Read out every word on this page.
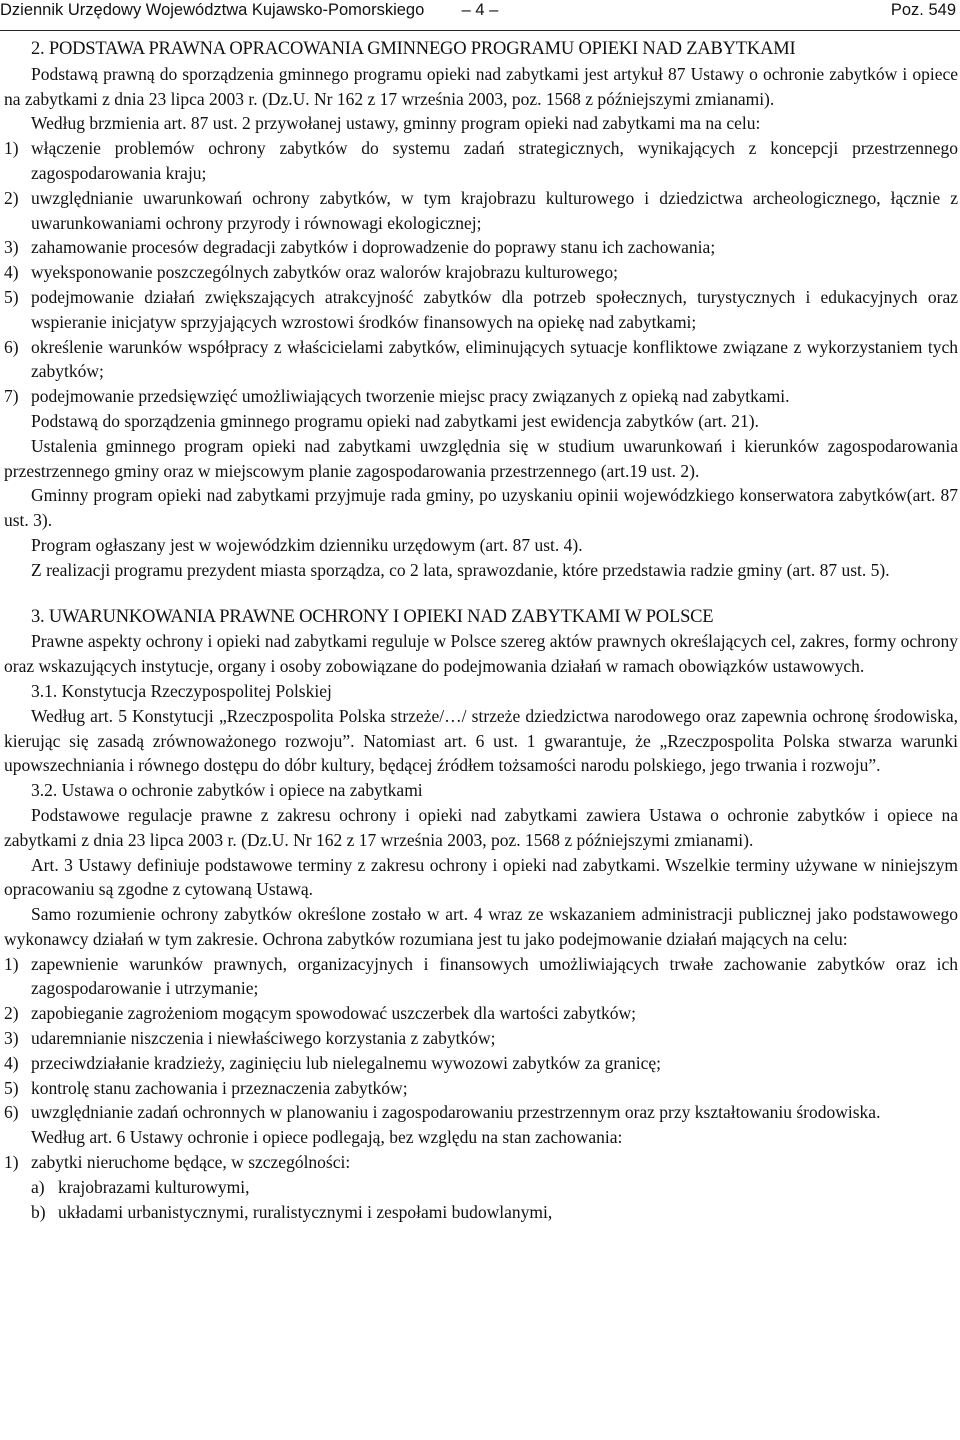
Dziennik Urzędowy Województwa Kujawsko-Pomorskiego	– 4 –	Poz. 549
2. PODSTAWA PRAWNA OPRACOWANIA GMINNEGO PROGRAMU OPIEKI NAD ZABYTKAMI

Podstawą prawną do sporządzenia gminnego programu opieki nad zabytkami jest artykuł 87 Ustawy o ochronie zabytków i opiece na zabytkami z dnia 23 lipca 2003 r. (Dz.U. Nr 162 z 17 września 2003, poz. 1568 z późniejszymi zmianami).

Według brzmienia art. 87 ust. 2 przywołanej ustawy, gminny program opieki nad zabytkami ma na celu:

1) włączenie problemów ochrony zabytków do systemu zadań strategicznych, wynikających z koncepcji przestrzennego zagospodarowania kraju;
2) uwzględnianie uwarunkowań ochrony zabytków, w tym krajobrazu kulturowego i dziedzictwa archeologicznego, łącznie z uwarunkowaniami ochrony przyrody i równowagi ekologicznej;
3) zahamowanie procesów degradacji zabytków i doprowadzenie do poprawy stanu ich zachowania;
4) wyeksponowanie poszczególnych zabytków oraz walorów krajobrazu kulturowego;
5) podejmowanie działań zwiększających atrakcyjność zabytków dla potrzeb społecznych, turystycznych i edukacyjnych oraz wspieranie inicjatyw sprzyjających wzrostowi środków finansowych na opiekę nad zabytkami;
6) określenie warunków współpracy z właścicielami zabytków, eliminujących sytuacje konfliktowe związane z wykorzystaniem tych zabytków;
7) podejmowanie przedsięwzięć umożliwiających tworzenie miejsc pracy związanych z opieką nad zabytkami.

Podstawą do sporządzenia gminnego programu opieki nad zabytkami jest ewidencja zabytków (art. 21).

Ustalenia gminnego program opieki nad zabytkami uwzględnia się w studium uwarunkowań i kierunków zagospodarowania przestrzennego gminy oraz w miejscowym planie zagospodarowania przestrzennego (art.19 ust. 2).

Gminny program opieki nad zabytkami przyjmuje rada gminy, po uzyskaniu opinii wojewódzkiego konserwatora zabytków(art. 87 ust. 3).

Program ogłaszany jest w wojewódzkim dzienniku urzędowym (art. 87 ust. 4).

Z realizacji programu prezydent miasta sporządza, co 2 lata, sprawozdanie, które przedstawia radzie gminy (art. 87 ust. 5).

3. UWARUNKOWANIA PRAWNE OCHRONY I OPIEKI NAD ZABYTKAMI W POLSCE

Prawne aspekty ochrony i opieki nad zabytkami reguluje w Polsce szereg aktów prawnych określających cel, zakres, formy ochrony oraz wskazujących instytucje, organy i osoby zobowiązane do podejmowania działań w ramach obowiązków ustawowych.

3.1. Konstytucja Rzeczypospolitej Polskiej

Według art. 5 Konstytucji „Rzeczpospolita Polska strzeże/…/ strzeże dziedzictwa narodowego oraz zapewnia ochronę środowiska, kierując się zasadą zrównoważonego rozwoju”. Natomiast art. 6 ust. 1 gwarantuje, że „Rzeczpospolita Polska stwarza warunki upowszechniania i równego dostępu do dóbr kultury, będącej źródłem tożsamości narodu polskiego, jego trwania i rozwoju”.

3.2. Ustawa o ochronie zabytków i opiece na zabytkami

Podstawowe regulacje prawne z zakresu ochrony i opieki nad zabytkami zawiera Ustawa o ochronie zabytków i opiece na zabytkami z dnia 23 lipca 2003 r. (Dz.U. Nr 162 z 17 września 2003, poz. 1568 z późniejszymi zmianami).

Art. 3 Ustawy definiuje podstawowe terminy z zakresu ochrony i opieki nad zabytkami. Wszelkie terminy używane w niniejszym opracowaniu są zgodne z cytowaną Ustawą.

Samo rozumienie ochrony zabytków określone zostało w art. 4 wraz ze wskazaniem administracji publicznej jako podstawowego wykonawcy działań w tym zakresie. Ochrona zabytków rozumiana jest tu jako podejmowanie działań mających na celu:

1) zapewnienie warunków prawnych, organizacyjnych i finansowych umożliwiających trwałe zachowanie zabytków oraz ich zagospodarowanie i utrzymanie;
2) zapobieganie zagrożeniom mogącym spowodować uszczerbek dla wartości zabytków;
3) udaremnianie niszczenia i niewłaściwego korzystania z zabytków;
4) przeciwdziałanie kradzieży, zaginięciu lub nielegalnemu wywozowi zabytków za granicę;
5) kontrolę stanu zachowania i przeznaczenia zabytków;
6) uwzględnianie zadań ochronnych w planowaniu i zagospodarowaniu przestrzennym oraz przy kształtowaniu środowiska.

Według art. 6 Ustawy ochronie i opiece podlegają, bez względu na stan zachowania:

1) zabytki nieruchome będące, w szczególności:
a) krajobrazami kulturowymi,
b) układami urbanistycznymi, ruralistycznymi i zespołami budowlanymi,
